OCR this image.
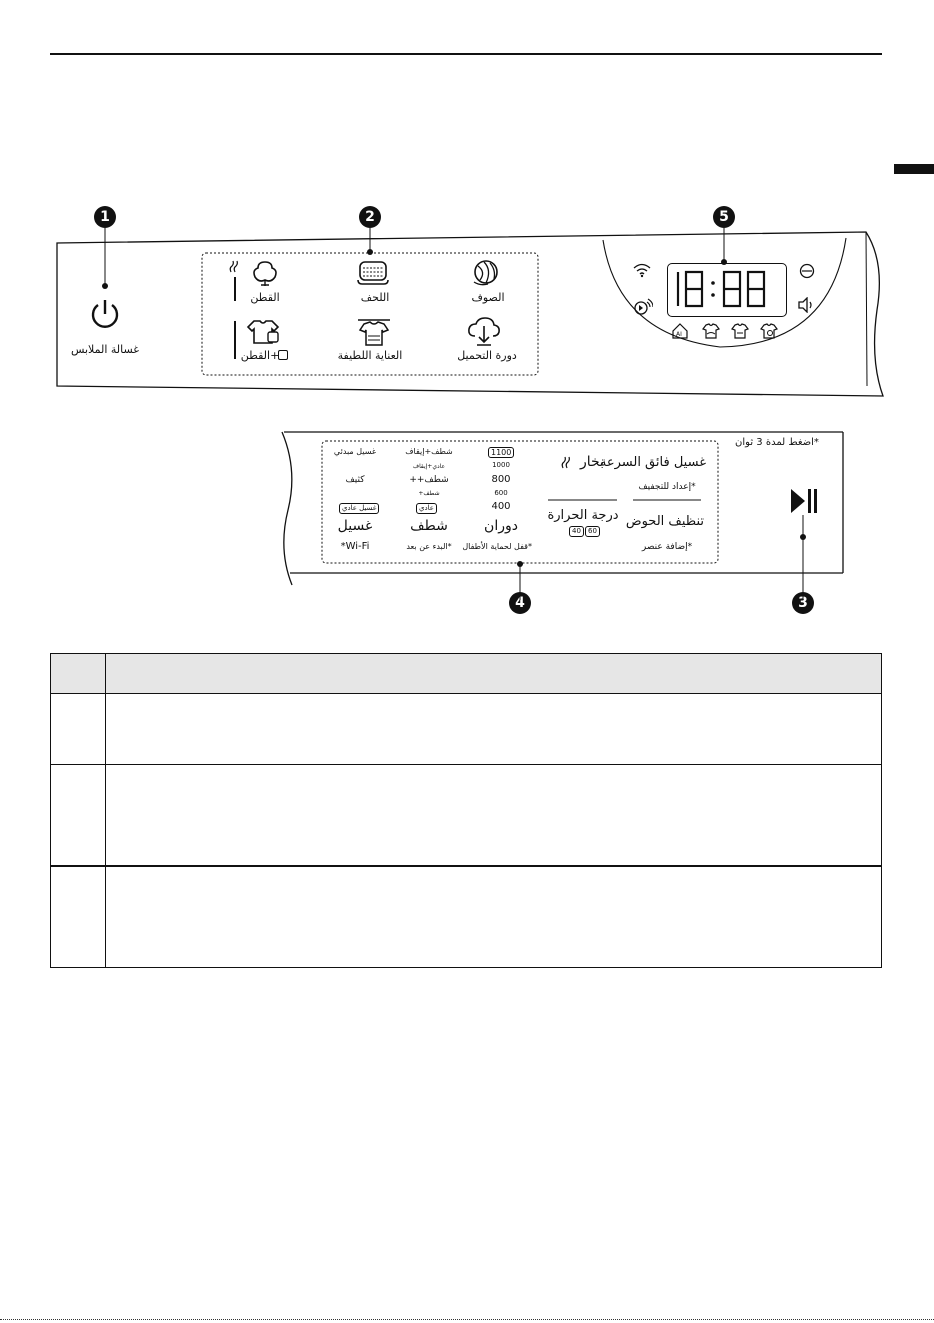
1	2	5
4	3
غسالة الملابس
القطن	اللحف	الصوف
+القطن	العناية اللطيفة	دورة التحميل
AI
*اضغط لمدة 3 ثوان
غسيل مبدئي
كثيف
غسيل عادي
غسيل
*Wi-Fi
شطف+إيقاف
عادي+إيقاف
شطف++
شطف+
عادي
شطف
*البدء عن بعد
1100
1000
800
600
400
دوران
*قفل لحماية الأطفال
بخار
درجة الحرارة
40	60
غسيل فائق السرعة
*إعداد للتجفيف
تنظيف الحوض
*إضافة عنصر
